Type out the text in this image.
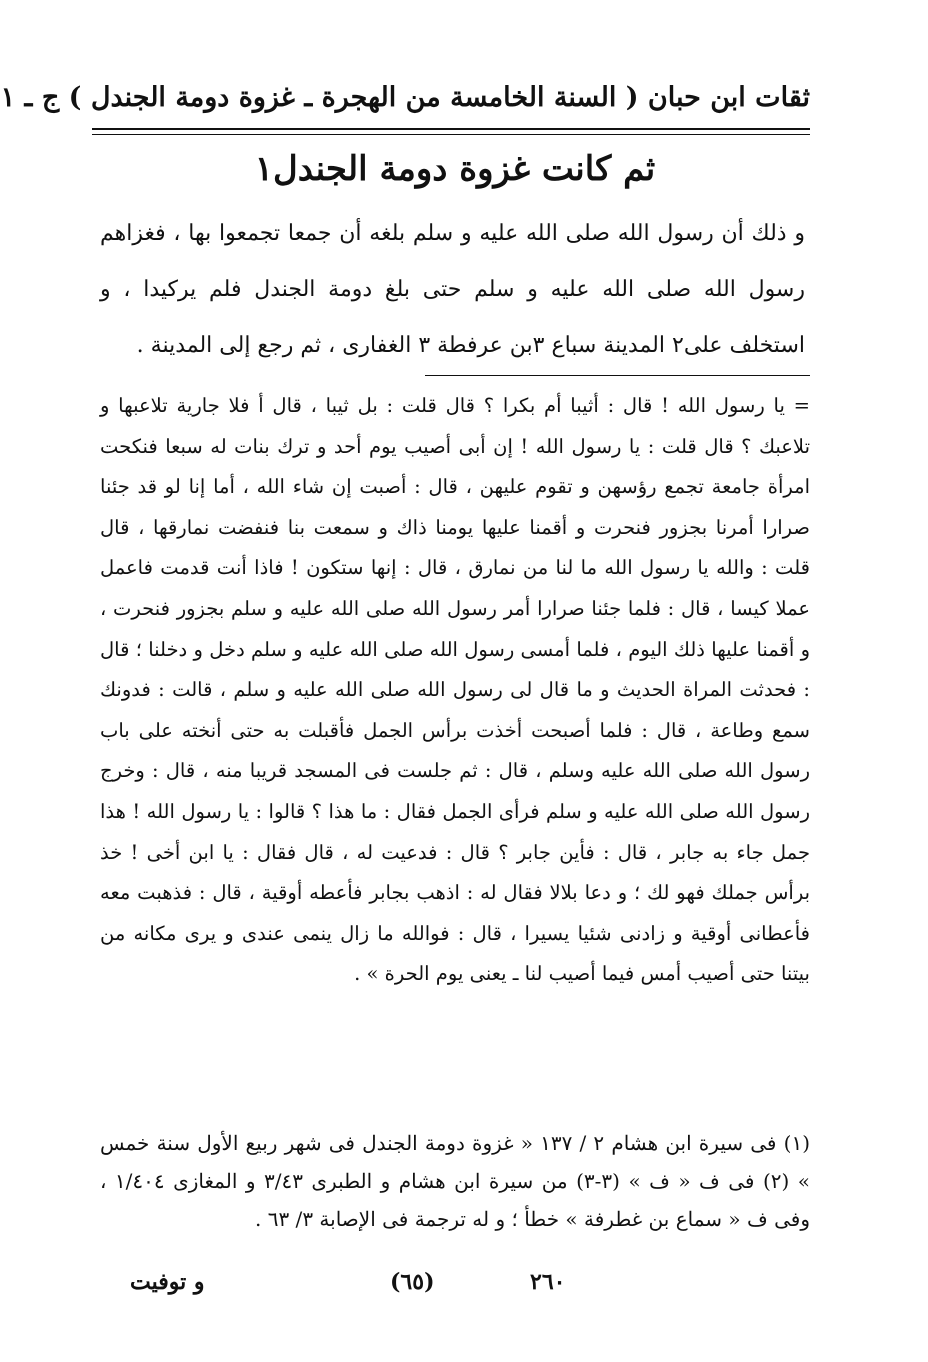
ثقات ابن حبان ( السنة الخامسة من الهجرة ـ غزوة دومة الجندل ) ج ـ ١
ثم كانت غزوة دومة الجندل١

و ذلك أن رسول الله صلى الله عليه و سلم بلغه أن جمعا تجمعوا بها ، فغزاهم رسول الله صلى الله عليه و سلم حتى بلغ دومة الجندل فلم يركيدا ، و استخلف على٢ المدينة سباع ٣بن عرفطة ٣ الغفارى ، ثم رجع إلى المدينة .

= يا رسول الله ! قال : أثيبا أم بكرا ؟ قال قلت : بل ثيبا ، قال أ فلا جارية تلاعبها و تلاعبك ؟ قال قلت : يا رسول الله ! إن أبى أصيب يوم أحد و ترك بنات له سبعا فنكحت امرأة جامعة تجمع رؤسهن و تقوم عليهن ، قال : أصبت إن شاء الله ، أما إنا لو قد جئنا صرارا أمرنا بجزور فنحرت و أقمنا عليها يومنا ذاك و سمعت بنا فنفضت نمارقها ، قال قلت : والله يا رسول الله ما لنا من نمارق ، قال : إنها ستكون ! فاذا أنت قدمت فاعمل عملا كيسا ، قال : فلما جئنا صرارا أمر رسول الله صلى الله عليه و سلم بجزور فنحرت ، و أقمنا عليها ذلك اليوم ، فلما أمسى رسول الله صلى الله عليه و سلم دخل و دخلنا ؛ قال : فحدثت المراة الحديث و ما قال لى رسول الله صلى الله عليه و سلم ، قالت : فدونك سمع وطاعة ، قال : فلما أصبحت أخذت برأس الجمل فأقبلت به حتى أنخته على باب رسول الله صلى الله عليه وسلم ، قال : ثم جلست فى المسجد قريبا منه ، قال : وخرج رسول الله صلى الله عليه و سلم فرأى الجمل فقال : ما هذا ؟ قالوا : يا رسول الله ! هذا جمل جاء به جابر ، قال : فأين جابر ؟ قال : فدعيت له ، قال فقال : يا ابن أخى ! خذ برأس جملك فهو لك ؛ و دعا بلالا فقال له : اذهب بجابر فأعطه أوقية ، قال : فذهبت معه فأعطانى أوقية و زادنى شئيا يسيرا ، قال : فوالله ما زال ينمى عندى و يرى مكانه من بيتنا حتى أصيب أمس فيما أصيب لنا ـ يعنى يوم الحرة » .

(١) فى سيرة ابن هشام ٢ / ١٣٧ « غزوة دومة الجندل فى شهر ربيع الأول سنة خمس » (٢) فى ف « ف » (٣-٣) من سيرة ابن هشام و الطبرى ٣/٤٣ و المغازى ١/٤٠٤ ، وفى ف « سماع بن غطرفة » خطأ ؛ و له ترجمة فى الإصابة ٣/ ٦٣ .

و توفيت	(٦٥)	٢٦٠
